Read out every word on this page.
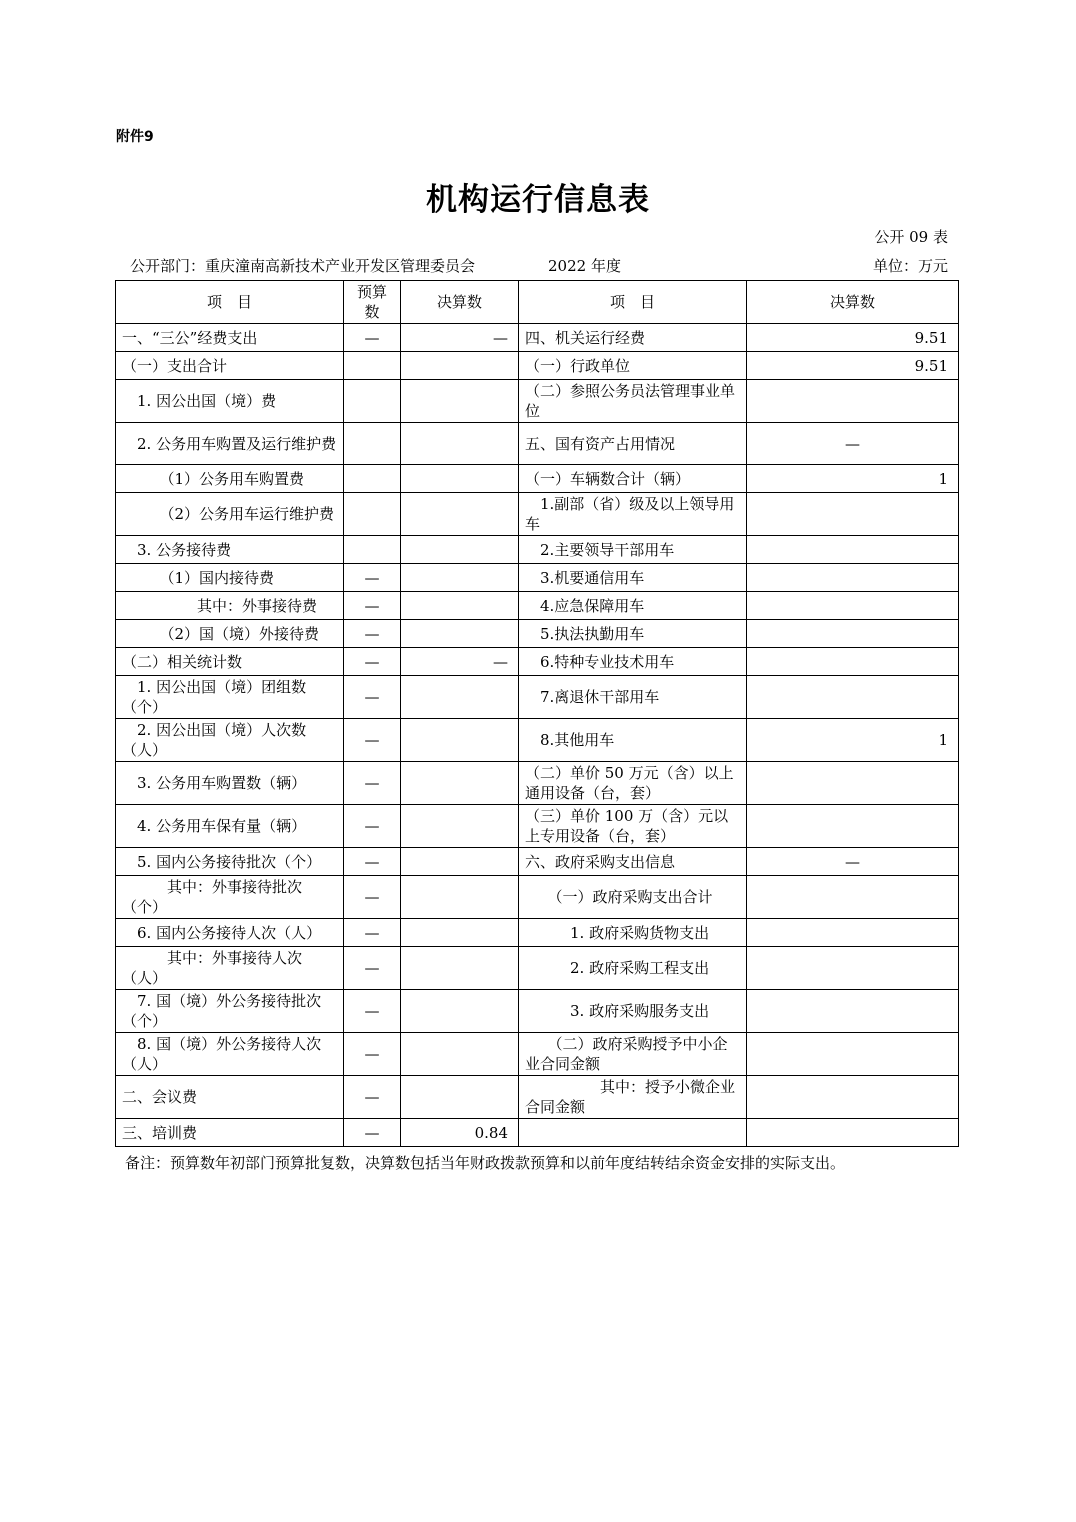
附件9
机构运行信息表
公开 09 表
公开部门：重庆潼南高新技术产业开发区管理委员会	2022 年度	单位：万元
项　目	预算数	决算数	项　目	决算数
一、“三公”经费支出	—	—	四、机关运行经费	9.51
（一）支出合计			（一）行政单位	9.51
　1. 因公出国（境）费			（二）参照公务员法管理事业单位	
　2. 公务用车购置及运行维护费			五、国有资产占用情况	—
　　　（1）公务用车购置费			（一）车辆数合计（辆）	1
　　　（2）公务用车运行维护费			　1.副部（省）级及以上领导用车	
　3. 公务接待费			　2.主要领导干部用车	
　　　（1）国内接待费	—		　3.机要通信用车	
　　　　　其中：外事接待费	—		　4.应急保障用车	
　　　（2）国（境）外接待费	—		　5.执法执勤用车	
（二）相关统计数	—	—	　6.特种专业技术用车	
　1. 因公出国（境）团组数（个）	—		　7.离退休干部用车	
　2. 因公出国（境）人次数（人）	—		　8.其他用车	1
　3. 公务用车购置数（辆）	—		（二）单价 50 万元（含）以上通用设备（台，套）	
　4. 公务用车保有量（辆）	—		（三）单价 100 万（含）元以上专用设备（台，套）	
　5. 国内公务接待批次（个）	—		六、政府采购支出信息	—
　　　其中：外事接待批次（个）	—		　　（一）政府采购支出合计	
　6. 国内公务接待人次（人）	—		　　　1. 政府采购货物支出	
　　　其中：外事接待人次（人）	—		　　　2. 政府采购工程支出	
　7. 国（境）外公务接待批次（个）	—		　　　3. 政府采购服务支出	
　8. 国（境）外公务接待人次（人）	—		　　（二）政府采购授予中小企业合同金额	
二、会议费	—		　　　　　其中：授予小微企业合同金额	
三、培训费	—	0.84		
备注：预算数年初部门预算批复数，决算数包括当年财政拨款预算和以前年度结转结余资金安排的实际支出。
